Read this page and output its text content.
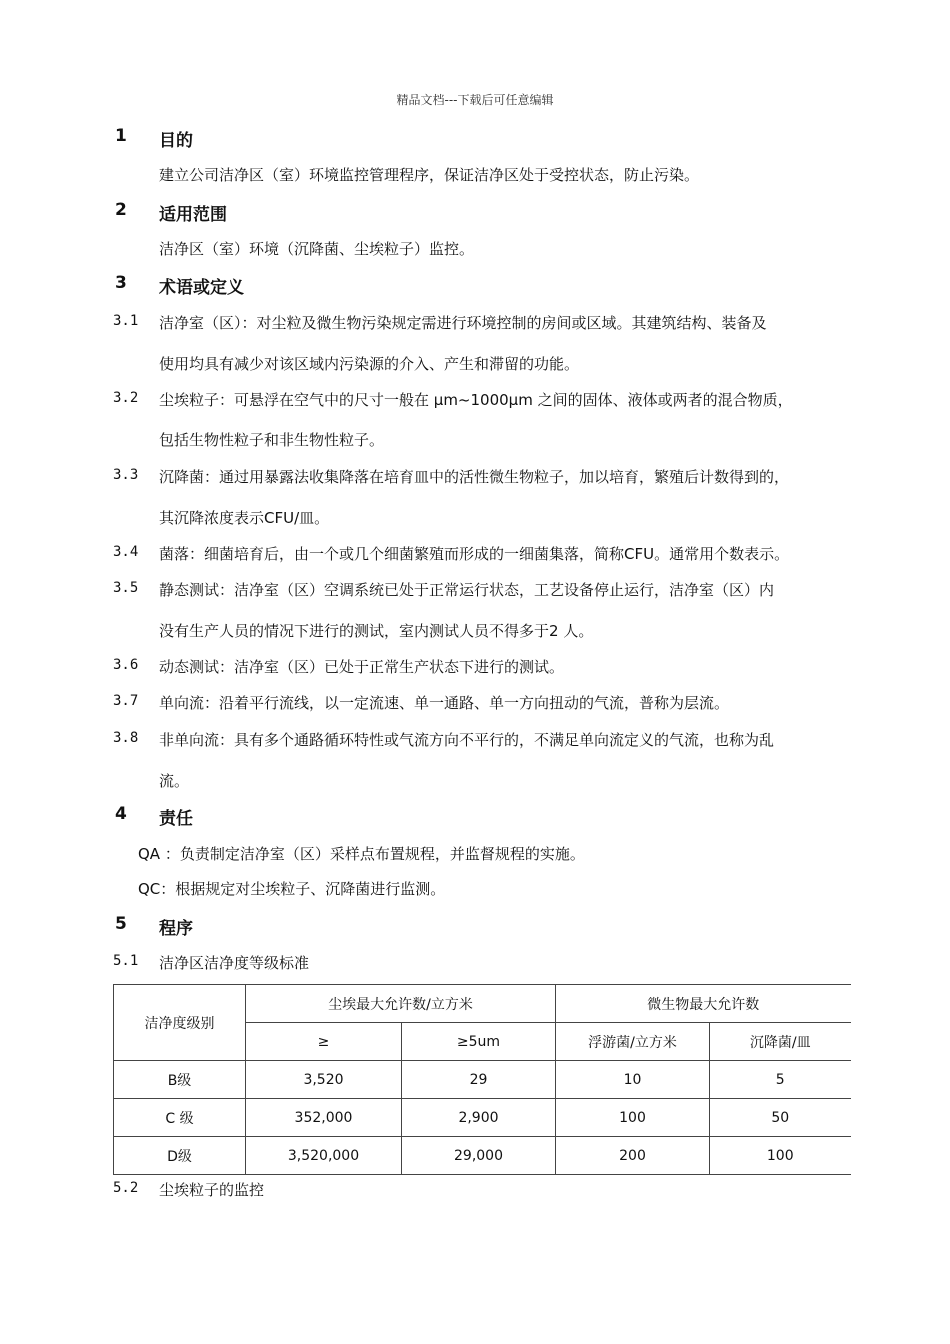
精品文档---下载后可任意编辑
1 目的
建立公司洁净区（室）环境监控管理程序，保证洁净区处于受控状态，防止污染。
2 适用范围
洁净区（室）环境（沉降菌、尘埃粒子）监控。
3 术语或定义
3.1 洁净室（区）：对尘粒及微生物污染规定需进行环境控制的房间或区域。其建筑结构、装备及
使用均具有减少对该区域内污染源的介入、产生和滞留的功能。
3.2 尘埃粒子：可悬浮在空气中的尺寸一般在 μm~1000μm 之间的固体、液体或两者的混合物质，
包括生物性粒子和非生物性粒子。
3.3 沉降菌：通过用暴露法收集降落在培育皿中的活性微生物粒子，加以培育，繁殖后计数得到的，
其沉降浓度表示CFU/皿。
3.4 菌落：细菌培育后，由一个或几个细菌繁殖而形成的一细菌集落，简称CFU。通常用个数表示。
3.5 静态测试：洁净室（区）空调系统已处于正常运行状态，工艺设备停止运行，洁净室（区）内
没有生产人员的情况下进行的测试，室内测试人员不得多于2 人。
3.6 动态测试：洁净室（区）已处于正常生产状态下进行的测试。
3.7 单向流：沿着平行流线，以一定流速、单一通路、单一方向扭动的气流，普称为层流。
3.8 非单向流：具有多个通路循环特性或气流方向不平行的，不满足单向流定义的气流，也称为乱
流。
4 责任
QA ：负责制定洁净室（区）采样点布置规程，并监督规程的实施。
QC：根据规定对尘埃粒子、沉降菌进行监测。
5 程序
5.1 洁净区洁净度等级标准
洁净度级别	尘埃最大允许数/立方米		微生物最大允许数	
	≥	≥5um	浮游菌/立方米	沉降菌/皿
B级	3,520	29	10	5
C 级	352,000	2,900	100	50
D级	3,520,000	29,000	200	100
5.2 尘埃粒子的监控
